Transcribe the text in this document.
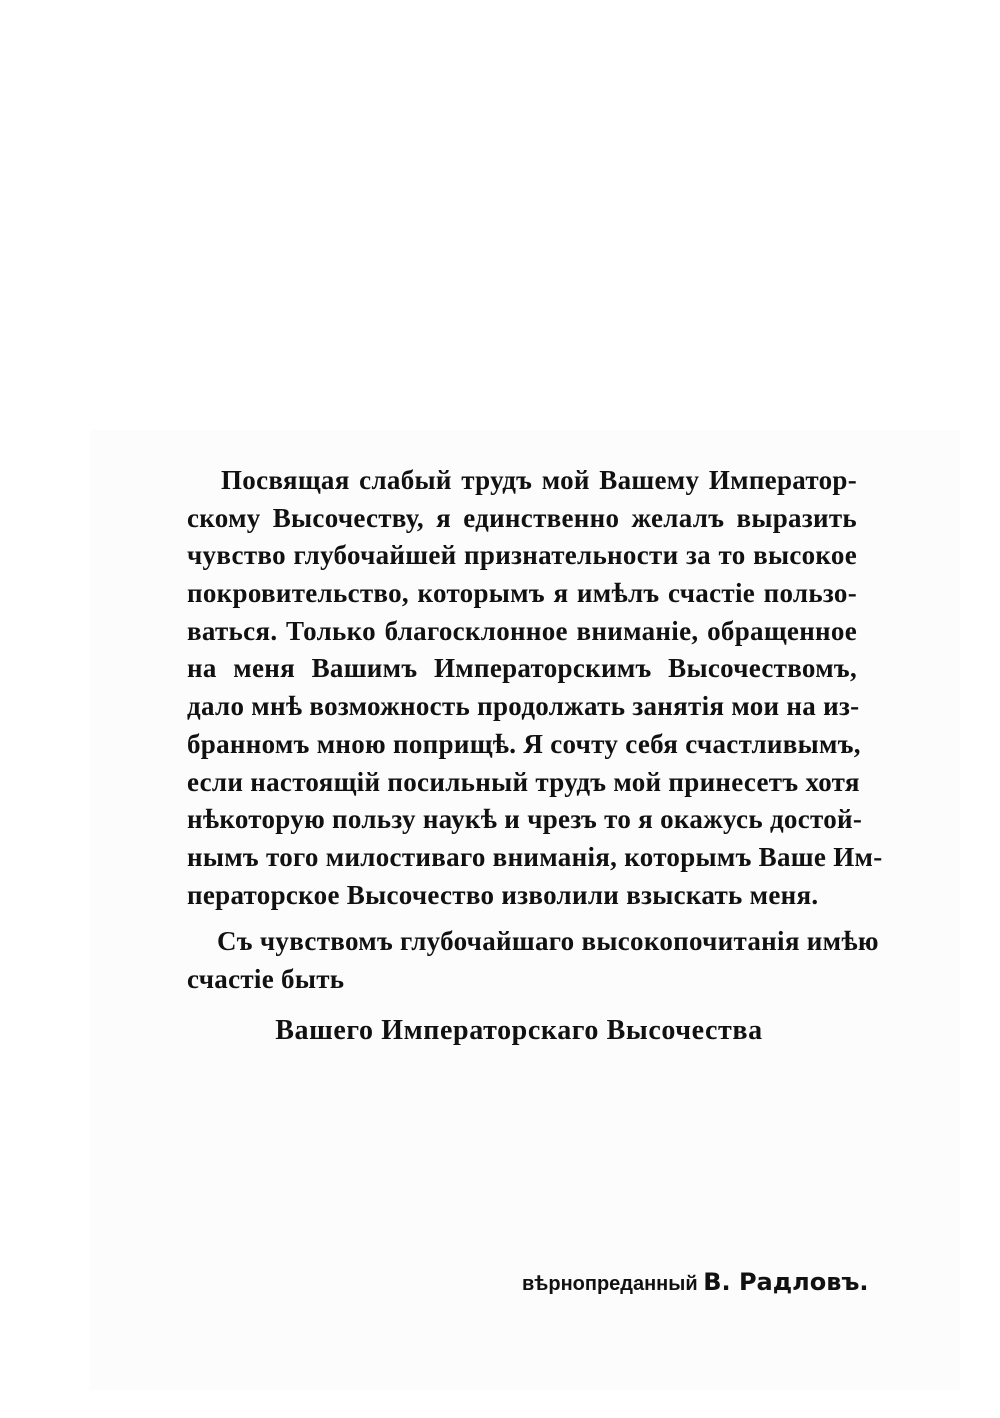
Посвящая слабый трудъ мой Вашему Император-
скому Высочеству, я единственно желалъ выразить
чувство глубочайшей признательности за то высокое
покровительство, которымъ я имѣлъ счастіе пользо-
ваться. Только благосклонное вниманіе, обращенное
на меня Вашимъ Императорскимъ Высочествомъ,
дало мнѣ возможность продолжать занятія мои на из-
бранномъ мною поприщѣ. Я сочту себя счастливымъ,
если настоящій посильный трудъ мой принесетъ хотя
нѣкоторую пользу наукѣ и чрезъ то я окажусь достой-
нымъ того милостиваго вниманія, которымъ Ваше Им-
ператорское Высочество изволили взыскать меня.
Съ чувствомъ глубочайшаго высокопочитанія имѣю
счастіе быть
Вашего Императорскаго Высочества
вѣрнопреданный В. Радловъ.
